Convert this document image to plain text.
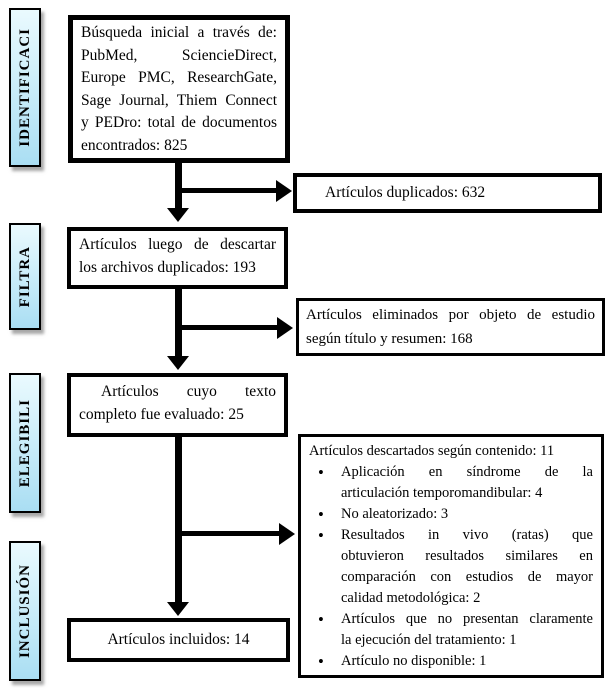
IDENTIFICACI
FILTRA
ELEGIBILI
INCLUSIÓN
Búsqueda inicial a través de:
PubMed, SciencieDirect,
Europe PMC, ResearchGate,
Sage Journal, Thiem Connect
y PEDro: total de documentos
encontrados: 825
Artículos luego de descartar
los archivos duplicados: 193
Artículos cuyo texto
completo fue evaluado: 25
Artículos incluidos: 14
Artículos duplicados: 632
Artículos eliminados por objeto de estudio
según título y resumen: 168
Artículos descartados según contenido: 11
• Aplicación en síndrome de la
articulación temporomandibular: 4
• No aleatorizado: 3
• Resultados in vivo (ratas) que
obtuvieron resultados similares en
comparación con estudios de mayor
calidad metodológica: 2
• Artículos que no presentan claramente
la ejecución del tratamiento: 1
• Artículo no disponible: 1
